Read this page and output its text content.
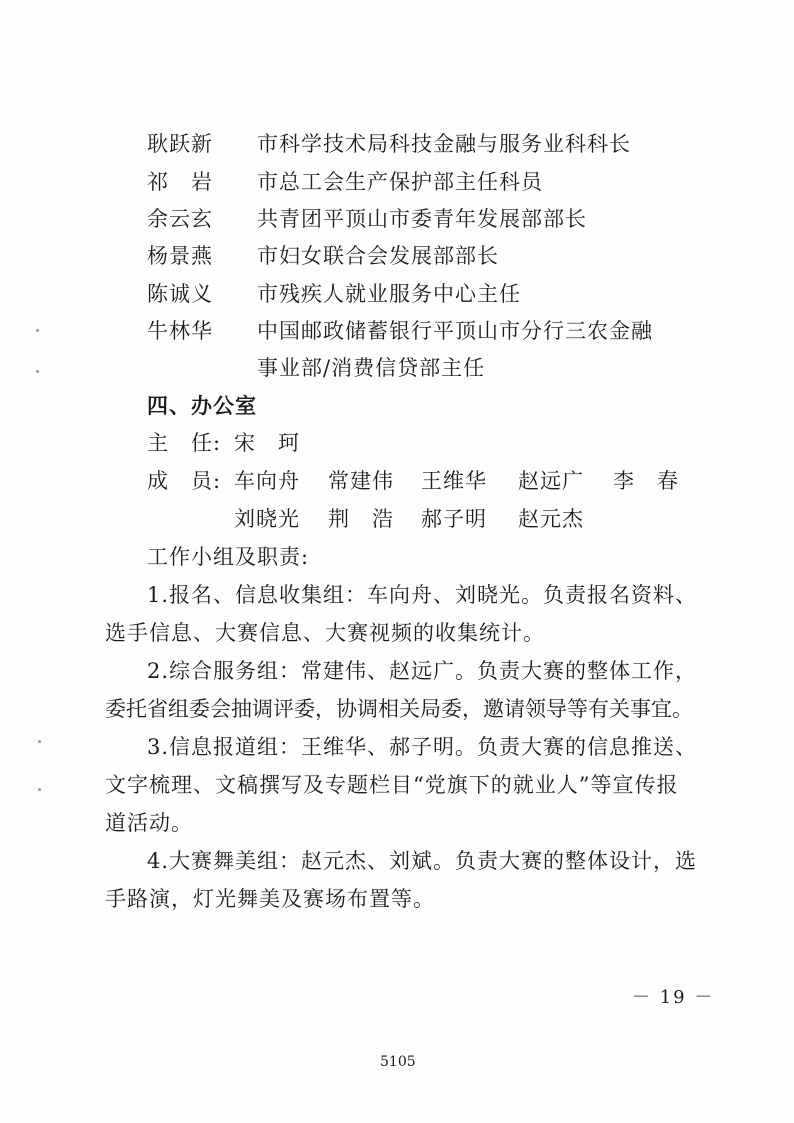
耿跃新 市科学技术局科技金融与服务业科科长
祁　岩 市总工会生产保护部主任科员
余云玄 共青团平顶山市委青年发展部部长
杨景燕 市妇女联合会发展部部长
陈诚义 市残疾人就业服务中心主任
牛林华 中国邮政储蓄银行平顶山市分行三农金融
事业部/消费信贷部主任
四、办公室
主　任: 宋　珂
成　员: 车向舟 常建伟 王维华 赵远广 李　春
刘晓光 荆　浩 郝子明 赵元杰
工作小组及职责:
1.报名、信息收集组：车向舟、刘晓光。负责报名资料、
选手信息、大赛信息、大赛视频的收集统计。
2.综合服务组：常建伟、赵远广。负责大赛的整体工作，
委托省组委会抽调评委，协调相关局委，邀请领导等有关事宜。
3.信息报道组：王维华、郝子明。负责大赛的信息推送、
文字梳理、文稿撰写及专题栏目“党旗下的就业人”等宣传报
道活动。
4.大赛舞美组：赵元杰、刘斌。负责大赛的整体设计，选
手路演，灯光舞美及赛场布置等。
－ 19 －
5105
